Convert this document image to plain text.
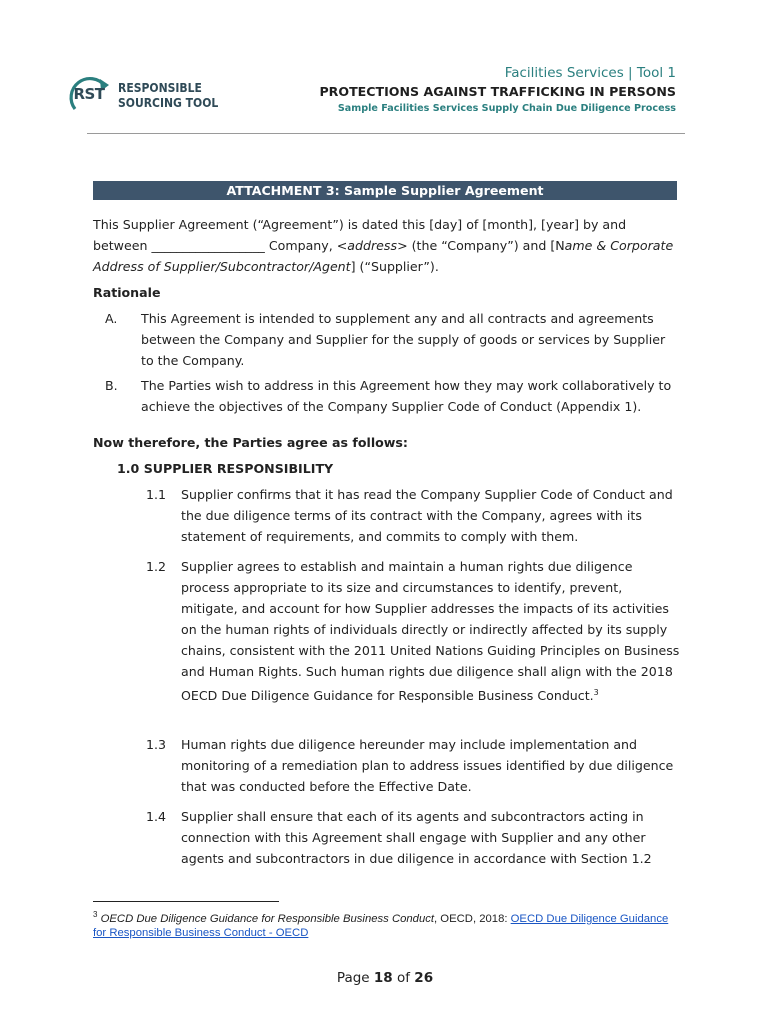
RST	RESPONSIBLE
SOURCING TOOL
Facilities Services | Tool 1
PROTECTIONS AGAINST TRAFFICKING IN PERSONS
Sample Facilities Services Supply Chain Due Diligence Process
ATTACHMENT 3: Sample Supplier Agreement
This Supplier Agreement (“Agreement”) is dated this [day] of [month], [year] by and between __________________ Company, <address> (the “Company”) and [Name & Corporate Address of Supplier/Subcontractor/Agent] (“Supplier”).
Rationale
A. This Agreement is intended to supplement any and all contracts and agreements between the Company and Supplier for the supply of goods or services by Supplier to the Company.
B. The Parties wish to address in this Agreement how they may work collaboratively to achieve the objectives of the Company Supplier Code of Conduct (Appendix 1).
Now therefore, the Parties agree as follows:
1.0 SUPPLIER RESPONSIBILITY
1.1 Supplier confirms that it has read the Company Supplier Code of Conduct and the due diligence terms of its contract with the Company, agrees with its statement of requirements, and commits to comply with them.
1.2 Supplier agrees to establish and maintain a human rights due diligence process appropriate to its size and circumstances to identify, prevent, mitigate, and account for how Supplier addresses the impacts of its activities on the human rights of individuals directly or indirectly affected by its supply chains, consistent with the 2011 United Nations Guiding Principles on Business and Human Rights. Such human rights due diligence shall align with the 2018 OECD Due Diligence Guidance for Responsible Business Conduct.$^3$
1.3 Human rights due diligence hereunder may include implementation and monitoring of a remediation plan to address issues identified by due diligence that was conducted before the Effective Date.
1.4 Supplier shall ensure that each of its agents and subcontractors acting in connection with this Agreement shall engage with Supplier and any other agents and subcontractors in due diligence in accordance with Section 1.2
$^3$ OECD Due Diligence Guidance for Responsible Business Conduct, OECD, 2018: OECD Due Diligence Guidance for Responsible Business Conduct - OECD
Page 18 of 26
